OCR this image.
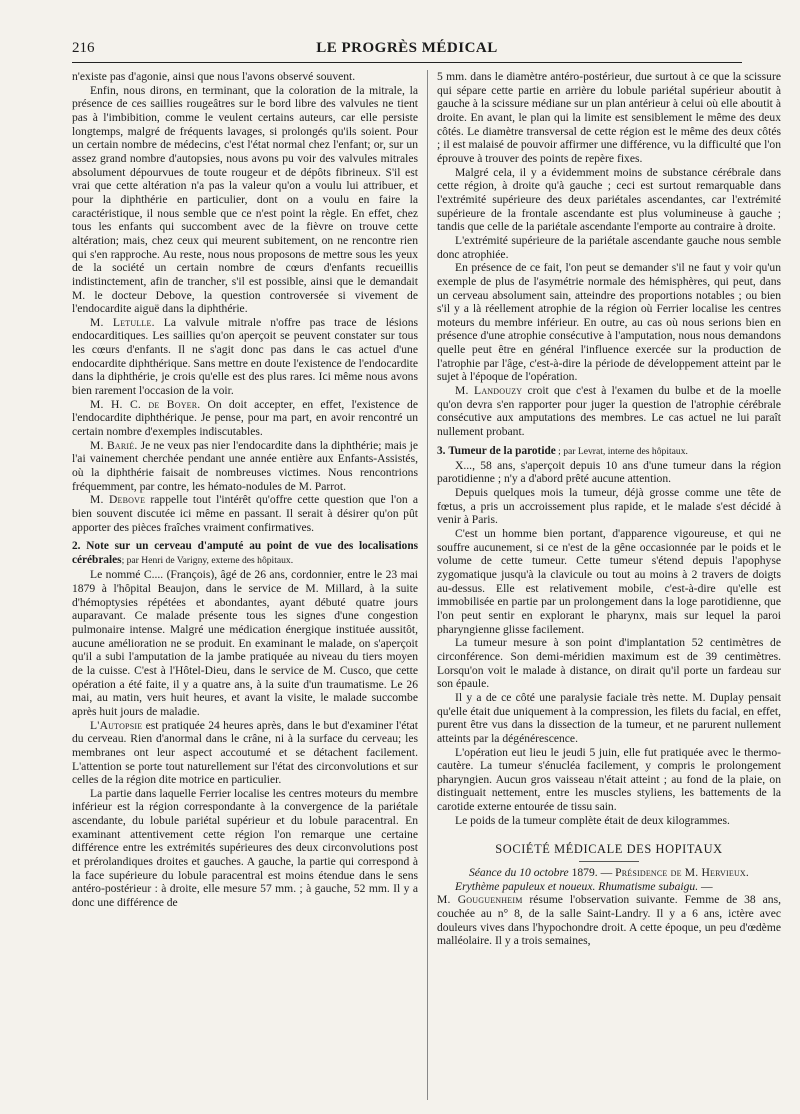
216	LE PROGRÈS MÉDICAL

n'existe pas d'agonie, ainsi que nous l'avons observé souvent.

Enfin, nous dirons, en terminant, que la coloration de la mitrale, la présence de ces saillies rougeâtres sur le bord libre des valvules ne tient pas à l'imbibition, comme le veulent certains auteurs, car elle persiste longtemps, malgré de fréquents lavages, si prolongés qu'ils soient. Pour un certain nombre de médecins, c'est l'état normal chez l'enfant; or, sur un assez grand nombre d'autopsies, nous avons pu voir des valvules mitrales absolument dépourvues de toute rougeur et de dépôts fibrineux. S'il est vrai que cette altération n'a pas la valeur qu'on a voulu lui attribuer, et pour la diphthérie en particulier, dont on a voulu en faire la caractéristique, il nous semble que ce n'est point la règle. En effet, chez tous les enfants qui succombent avec de la fièvre on trouve cette altération; mais, chez ceux qui meurent subitement, on ne rencontre rien qui s'en rapproche. Au reste, nous nous proposons de mettre sous les yeux de la société un certain nombre de cœurs d'enfants recueillis indistinctement, afin de trancher, s'il est possible, ainsi que le demandait M. le docteur Debove, la question controversée si vivement de l'endocardite aiguë dans la diphthérie.

M. Letulle. La valvule mitrale n'offre pas trace de lésions endocarditiques. Les saillies qu'on aperçoit se peuvent constater sur tous les cœurs d'enfants. Il ne s'agit donc pas dans le cas actuel d'une endocardite diphthérique. Sans mettre en doute l'existence de l'endocardite dans la diphthérie, je crois qu'elle est des plus rares. Ici même nous avons bien rarement l'occasion de la voir.

M. H. C. de Boyer. On doit accepter, en effet, l'existence de l'endocardite diphthérique. Je pense, pour ma part, en avoir rencontré un certain nombre d'exemples indiscutables.

M. Barié. Je ne veux pas nier l'endocardite dans la diphthérie; mais je l'ai vainement cherchée pendant une année entière aux Enfants-Assistés, où la diphthérie faisait de nombreuses victimes. Nous rencontrions fréquemment, par contre, les hémato-nodules de M. Parrot.

M. Debove rappelle tout l'intérêt qu'offre cette question que l'on a bien souvent discutée ici même en passant. Il serait à désirer qu'on pût apporter des pièces fraîches vraiment confirmatives.

2. Note sur un cerveau d'amputé au point de vue des localisations cérébrales; par Henri de Varigny, externe des hôpitaux.

Le nommé C.... (François), âgé de 26 ans, cordonnier, entre le 23 mai 1879 à l'hôpital Beaujon, dans le service de M. Millard, à la suite d'hémoptysies répétées et abondantes, ayant débuté quatre jours auparavant. Ce malade présente tous les signes d'une congestion pulmonaire intense. Malgré une médication énergique instituée aussitôt, aucune amélioration ne se produit. En examinant le malade, on s'aperçoit qu'il a subi l'amputation de la jambe pratiquée au niveau du tiers moyen de la cuisse. C'est à l'Hôtel-Dieu, dans le service de M. Cusco, que cette opération a été faite, il y a quatre ans, à la suite d'un traumatisme. Le 26 mai, au matin, vers huit heures, et avant la visite, le malade succombe après huit jours de maladie.

L'Autopsie est pratiquée 24 heures après, dans le but d'examiner l'état du cerveau. Rien d'anormal dans le crâne, ni à la surface du cerveau; les membranes ont leur aspect accoutumé et se détachent facilement. L'attention se porte tout naturellement sur l'état des circonvolutions et sur celles de la région dite motrice en particulier.

La partie dans laquelle Ferrier localise les centres moteurs du membre inférieur est la région correspondante à la convergence de la pariétale ascendante, du lobule pariétal supérieur et du lobule paracentral. En examinant attentivement cette région l'on remarque une certaine différence entre les extrémités supérieures des deux circonvolutions post et prérolandiques droites et gauches. A gauche, la partie qui correspond à la face supérieure du lobule paracentral est moins étendue dans le sens antéro-postérieur : à droite, elle mesure 57 mm. ; à gauche, 52 mm. Il y a donc une différence de

5 mm. dans le diamètre antéro-postérieur, due surtout à ce que la scissure qui sépare cette partie en arrière du lobule pariétal supérieur aboutit à gauche à la scissure médiane sur un plan antérieur à celui où elle aboutit à droite. En avant, le plan qui la limite est sensiblement le même des deux côtés. Le diamètre transversal de cette région est le même des deux côtés ; il est malaisé de pouvoir affirmer une différence, vu la difficulté que l'on éprouve à trouver des points de repère fixes.

Malgré cela, il y a évidemment moins de substance cérébrale dans cette région, à droite qu'à gauche ; ceci est surtout remarquable dans l'extrémité supérieure des deux pariétales ascendantes, car l'extrémité supérieure de la frontale ascendante est plus volumineuse à gauche ; tandis que celle de la pariétale ascendante l'emporte au contraire à droite.

L'extrémité supérieure de la pariétale ascendante gauche nous semble donc atrophiée.

En présence de ce fait, l'on peut se demander s'il ne faut y voir qu'un exemple de plus de l'asymétrie normale des hémisphères, qui peut, dans un cerveau absolument sain, atteindre des proportions notables ; ou bien s'il y a là réellement atrophie de la région où Ferrier localise les centres moteurs du membre inférieur. En outre, au cas où nous serions bien en présence d'une atrophie consécutive à l'amputation, nous nous demandons quelle peut être en général l'influence exercée sur la production de l'atrophie par l'âge, c'est-à-dire la période de développement atteint par le sujet à l'époque de l'opération.

M. Landouzy croit que c'est à l'examen du bulbe et de la moelle qu'on devra s'en rapporter pour juger la question de l'atrophie cérébrale consécutive aux amputations des membres. Le cas actuel ne lui paraît nullement probant.

3. Tumeur de la parotide ; par Levrat, interne des hôpitaux.

X..., 58 ans, s'aperçoit depuis 10 ans d'une tumeur dans la région parotidienne ; n'y a d'abord prêté aucune attention.

Depuis quelques mois la tumeur, déjà grosse comme une tête de fœtus, a pris un accroissement plus rapide, et le malade s'est décidé à venir à Paris.

C'est un homme bien portant, d'apparence vigoureuse, et qui ne souffre aucunement, si ce n'est de la gêne occasionnée par le poids et le volume de cette tumeur. Cette tumeur s'étend depuis l'apophyse zygomatique jusqu'à la clavicule ou tout au moins à 2 travers de doigts au-dessus. Elle est relativement mobile, c'est-à-dire qu'elle est immobilisée en partie par un prolongement dans la loge parotidienne, que l'on peut sentir en explorant le pharynx, mais sur lequel la paroi pharyngienne glisse facilement.

La tumeur mesure à son point d'implantation 52 centimètres de circonférence. Son demi-méridien maximum est de 39 centimètres. Lorsqu'on voit le malade à distance, on dirait qu'il porte un fardeau sur son épaule.

Il y a de ce côté une paralysie faciale très nette. M. Duplay pensait qu'elle était due uniquement à la compression, les filets du facial, en effet, purent être vus dans la dissection de la tumeur, et ne parurent nullement atteints par la dégénérescence.

L'opération eut lieu le jeudi 5 juin, elle fut pratiquée avec le thermo-cautère. La tumeur s'énucléa facilement, y compris le prolongement pharyngien. Aucun gros vaisseau n'était atteint ; au fond de la plaie, on distinguait nettement, entre les muscles styliens, les battements de la carotide externe entourée de tissu sain.

Le poids de la tumeur complète était de deux kilogrammes.

SOCIÉTÉ MÉDICALE DES HOPITAUX

Séance du 10 octobre 1879. — Présidence de M. Hervieux.

Erythème papuleux et noueux. Rhumatisme subaigu. —

M. Gouguenheim résume l'observation suivante. Femme de 38 ans, couchée au n° 8, de la salle Saint-Landry. Il y a 6 ans, ictère avec douleurs vives dans l'hypochondre droit. A cette époque, un peu d'œdème malléolaire. Il y a trois semaines,
